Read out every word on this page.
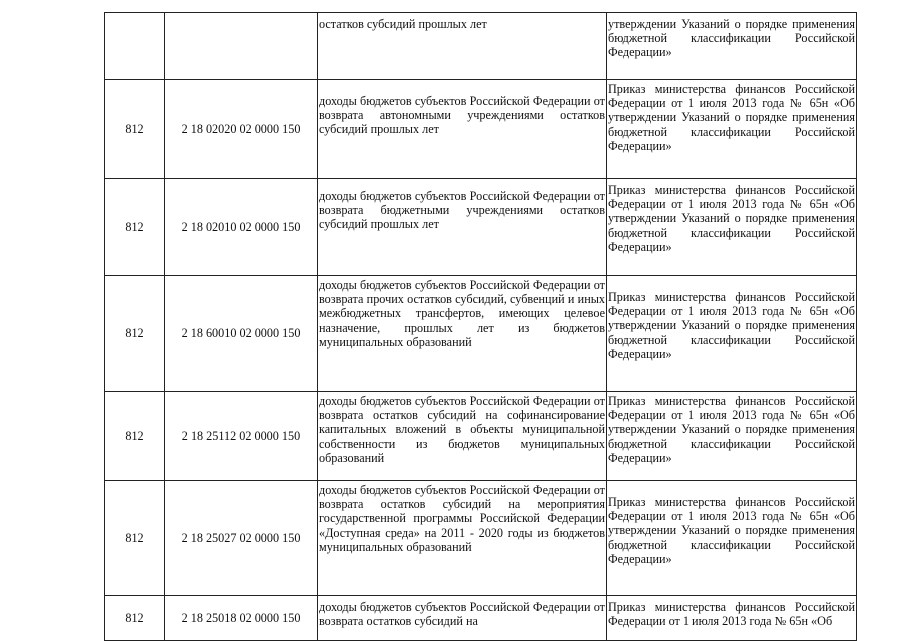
		остатков субсидий прошлых лет	утверждении Указаний о порядке применения бюджетной классификации Российской Федерации»

812	2 18 02020 02 0000 150	доходы бюджетов субъектов Российской Федерации от возврата автономными учреждениями остатков субсидий прошлых лет	Приказ министерства финансов Российской Федерации от 1 июля 2013 года № 65н «Об утверждении Указаний о порядке применения бюджетной классификации Российской Федерации»

812	2 18 02010 02 0000 150	доходы бюджетов субъектов Российской Федерации от возврата бюджетными учреждениями остатков субсидий прошлых лет	Приказ министерства финансов Российской Федерации от 1 июля 2013 года № 65н «Об утверждении Указаний о порядке применения бюджетной классификации Российской Федерации»

812	2 18 60010 02 0000 150	доходы бюджетов субъектов Российской Федерации от возврата прочих остатков субсидий, субвенций и иных межбюджетных трансфертов, имеющих целевое назначение, прошлых лет из бюджетов муниципальных образований	Приказ министерства финансов Российской Федерации от 1 июля 2013 года № 65н «Об утверждении Указаний о порядке применения бюджетной классификации Российской Федерации»

812	2 18 25112 02 0000 150	доходы бюджетов субъектов Российской Федерации от возврата остатков субсидий на софинансирование капитальных вложений в объекты муниципальной собственности из бюджетов муниципальных образований	Приказ министерства финансов Российской Федерации от 1 июля 2013 года № 65н «Об утверждении Указаний о порядке применения бюджетной классификации Российской Федерации»

812	2 18 25027 02 0000 150	доходы бюджетов субъектов Российской Федерации от возврата остатков субсидий на мероприятия государственной программы Российской Федерации «Доступная среда» на 2011 - 2020 годы из бюджетов муниципальных образований	Приказ министерства финансов Российской Федерации от 1 июля 2013 года № 65н «Об утверждении Указаний о порядке применения бюджетной классификации Российской Федерации»

812	2 18 25018 02 0000 150	доходы бюджетов субъектов Российской Федерации от возврата остатков субсидий на	Приказ министерства финансов Российской Федерации от 1 июля 2013 года № 65н «Об
